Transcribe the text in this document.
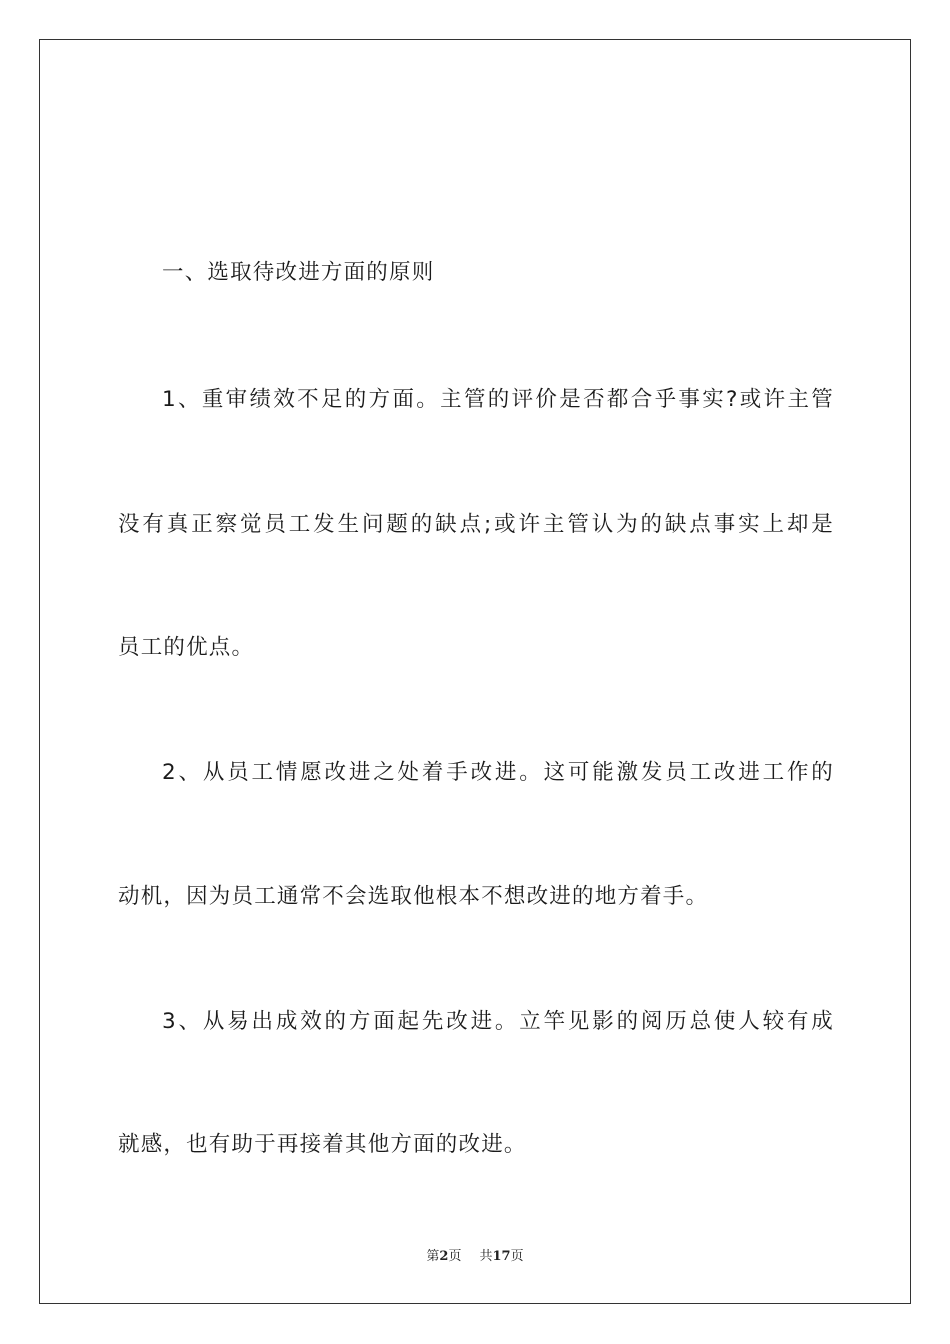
一、选取待改进方面的原则
1、重审绩效不足的方面。主管的评价是否都合乎事实?或许主管
没有真正察觉员工发生问题的缺点;或许主管认为的缺点事实上却是
员工的优点。
2、从员工情愿改进之处着手改进。这可能激发员工改进工作的
动机，因为员工通常不会选取他根本不想改进的地方着手。
3、从易出成效的方面起先改进。立竿见影的阅历总使人较有成
就感，也有助于再接着其他方面的改进。
第2页 共17页
